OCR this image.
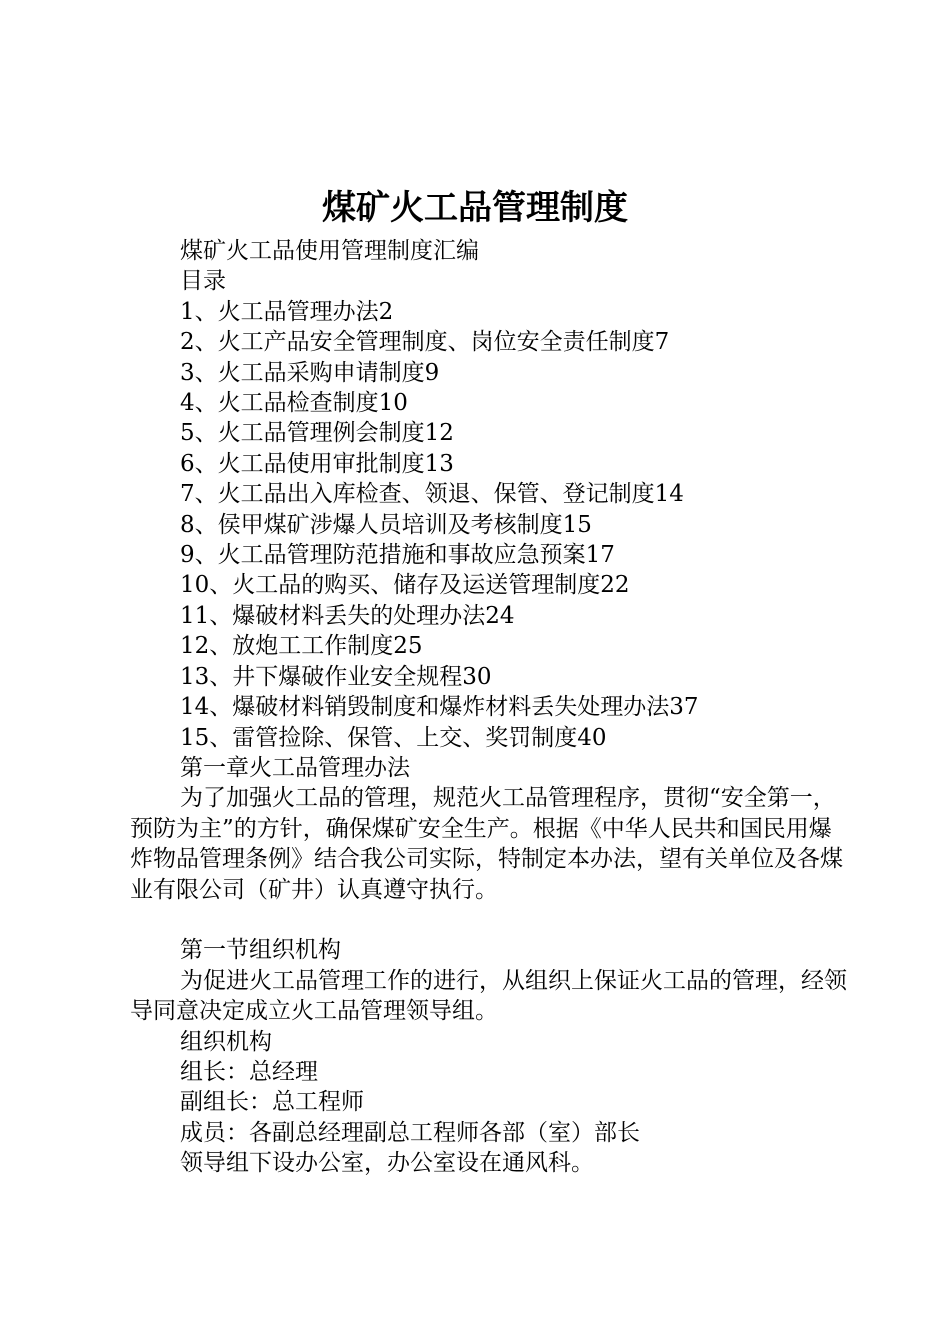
煤矿火工品管理制度

煤矿火工品使用管理制度汇编

目录

1、火工品管理办法2

2、火工产品安全管理制度、岗位安全责任制度7

3、火工品采购申请制度9

4、火工品检查制度10

5、火工品管理例会制度12

6、火工品使用审批制度13

7、火工品出入库检查、领退、保管、登记制度14

8、侯甲煤矿涉爆人员培训及考核制度15

9、火工品管理防范措施和事故应急预案17

10、火工品的购买、储存及运送管理制度22

11、爆破材料丢失的处理办法24

12、放炮工工作制度25

13、井下爆破作业安全规程30

14、爆破材料销毁制度和爆炸材料丢失处理办法37

15、雷管捡除、保管、上交、奖罚制度40

第一章火工品管理办法

为了加强火工品的管理，规范火工品管理程序，贯彻“安全第一，预防为主”的方针，确保煤矿安全生产。根据《中华人民共和国民用爆炸物品管理条例》结合我公司实际，特制定本办法，望有关单位及各煤业有限公司（矿井）认真遵守执行。

第一节组织机构

为促进火工品管理工作的进行，从组织上保证火工品的管理，经领导同意决定成立火工品管理领导组。

组织机构

组长：总经理

副组长：总工程师

成员：各副总经理副总工程师各部（室）部长

领导组下设办公室，办公室设在通风科。
